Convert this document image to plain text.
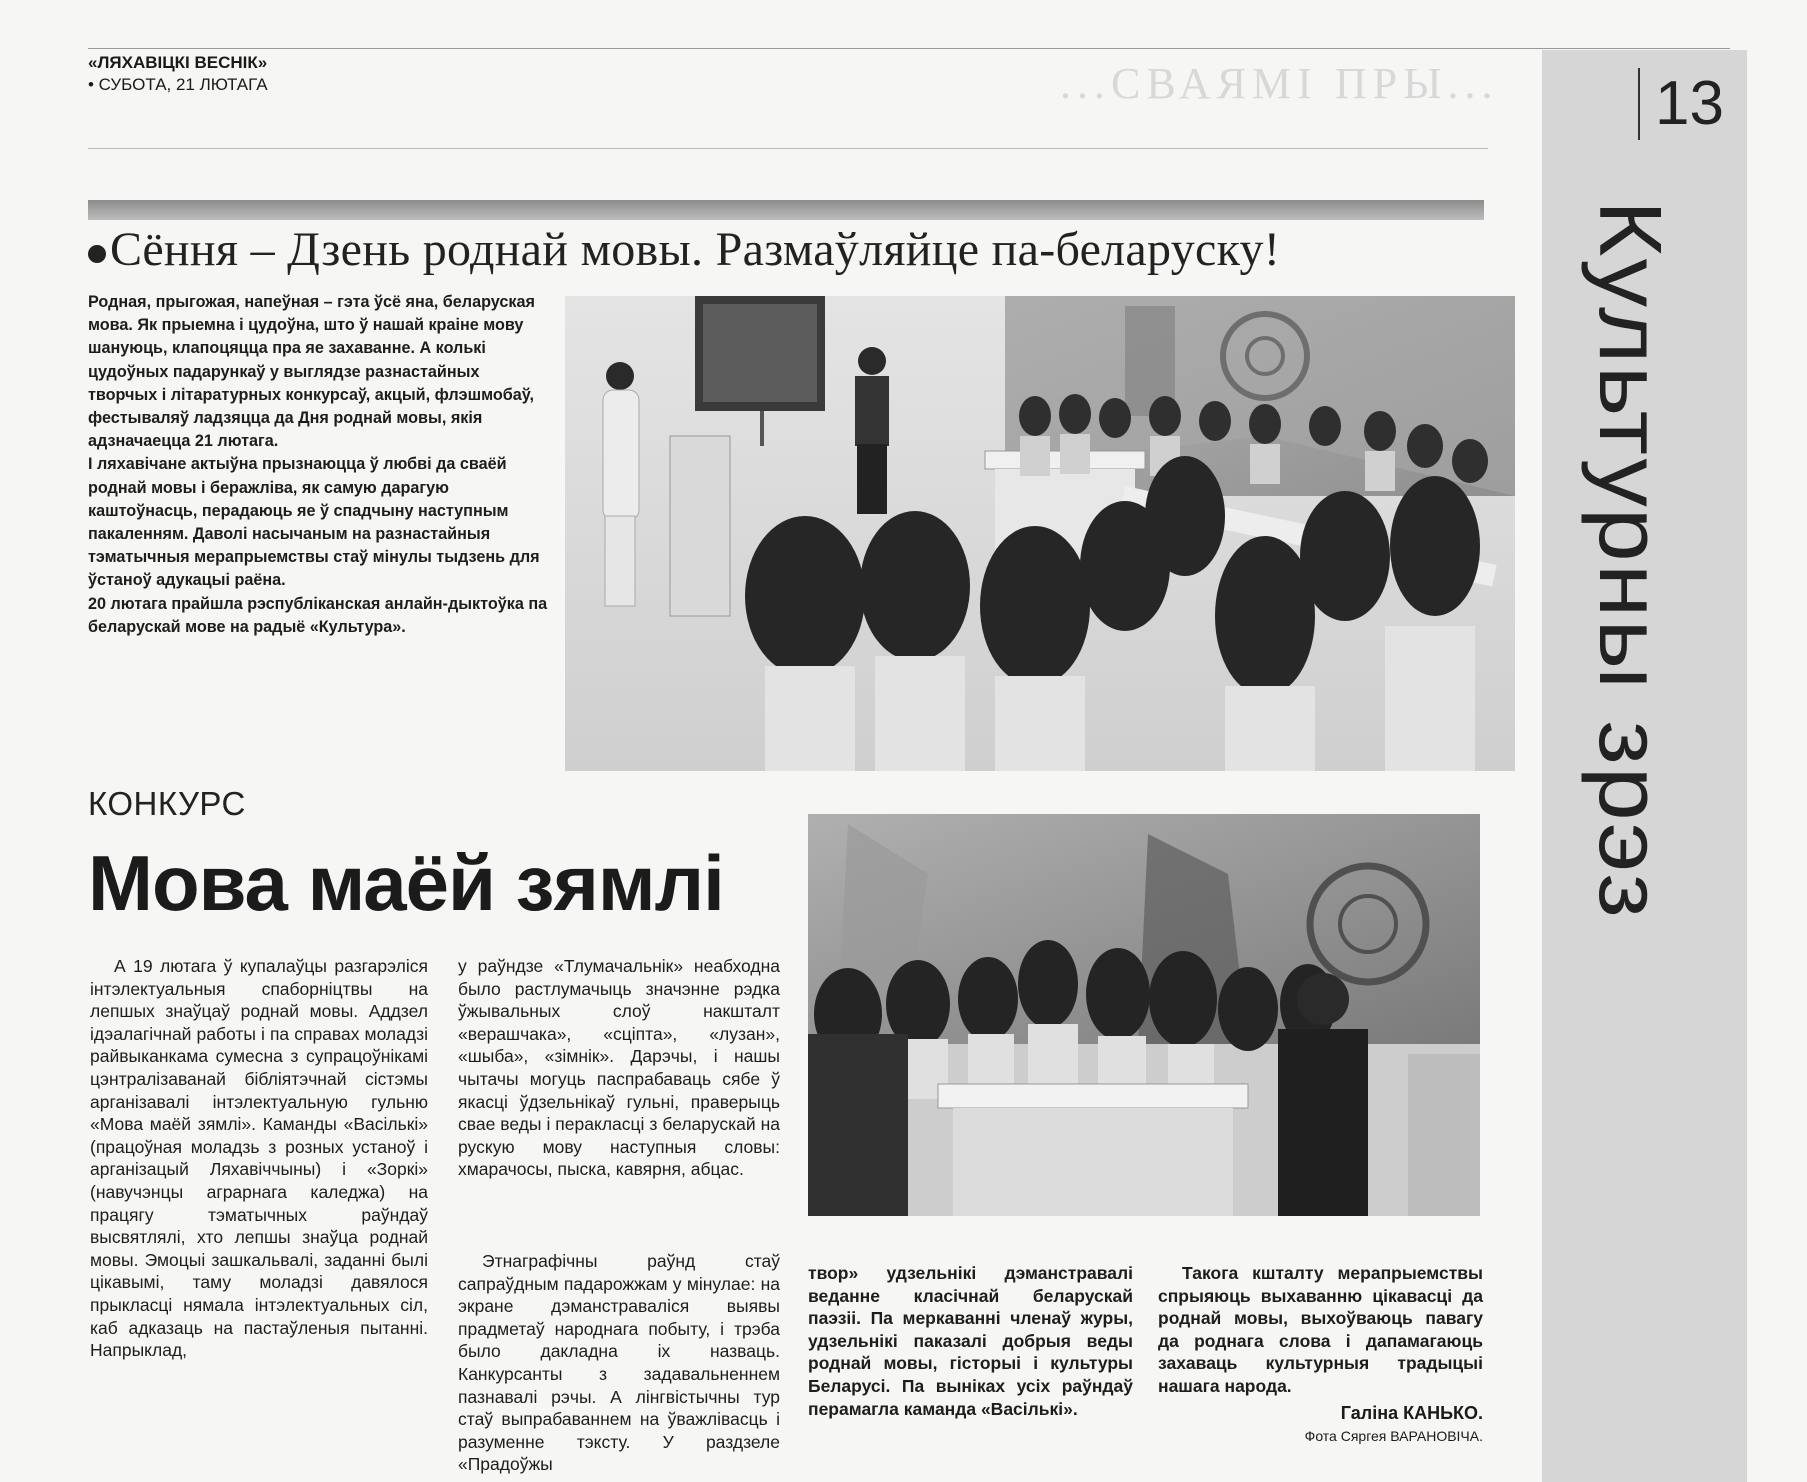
...СВАЯМІ ПРЫ...
«ЛЯХАВІЦКІ ВЕСНІК»
• СУБОТА, 21 ЛЮТАГА	13
Культурны зрэз
Сёння – Дзень роднай мовы. Размаўляйце па-беларуску!

Родная, прыгожая, напеўная – гэта ўсё яна, беларуская мова. Як прыемна і цудоўна, што ў нашай краіне мову шануюць, клапоцяцца пра яе захаванне. А колькі цудоўных падарункаў у выглядзе разнастайных творчых і літаратурных конкурсаў, акцый, флэшмобаў, фестываляў ладзяцца да Дня роднай мовы, якія адзначаецца 21 лютага.

І ляхавічане актыўна прызнаюцца ў любві да сваёй роднай мовы і беражліва, як самую дарагую каштоўнасць, перадаюць яе ў спадчыну наступным пакаленням. Даволі насычаным на разнастайныя тэматычныя мерапрыемствы стаў мінулы тыдзень для ўстаноў адукацыі раёна.

20 лютага прайшла рэспубліканская анлайн-дыктоўка па беларускай мове на радыё «Культура».

КОНКУРС
Мова маёй зямлі

А 19 лютага ў купалаўцы разгарэліся інтэлектуальныя спаборніцтвы на лепшых знаўцаў роднай мовы. Аддзел ідэалагічнай работы і па справах моладзі райвыканкама сумесна з супрацоўнікамі цэнтралізаванай бібліятэчнай сістэмы арганізавалі інтэлектуальную гульню «Мова маёй зямлі». Каманды «Васількі» (працоўная моладзь з розных устаноў і арганізацый Ляхавіччыны) і «Зоркі» (навучэнцы аграрнага каледжа) на працягу тэматычных раўндаў высвятлялі, хто лепшы знаўца роднай мовы. Эмоцыі зашкальвалі, заданні былі цікавымі, таму моладзі давялося прыкласці нямала інтэлектуальных сіл, каб адказаць на пастаўленыя пытанні. Напрыклад,

у раўндзе «Тлумачальнік» неабходна было растлумачыць значэнне рэдка ўжывальных слоў накшталт «верашчака», «сціпта», «лузан», «шыба», «зімнік». Дарэчы, і нашы чытачы могуць паспрабаваць сябе ў якасці ўдзельнікаў гульні, праверыць свае веды і перакласці з беларускай на рускую мову наступныя словы: хмарачосы, пыска, кавярня, абцас.

Этнаграфічны раўнд стаў сапраўдным падарожжам у мінулае: на экране дэманстраваліся выявы прадметаў народнага побыту, і трэба было дакладна іх назваць. Канкурсанты з задавальненнем пазнавалі рэчы. А лінгвістычны тур стаў выпрабаваннем на ўважлівасць і разуменне тэксту. У раздзеле «Прадоўжы

твор» удзельнікі дэманстравалі веданне класічнай беларускай паэзіі. Па меркаванні членаў журы, удзельнікі паказалі добрыя веды роднай мовы, гісторыі і культуры Беларусі. Па выніках усіх раўндаў перамагла каманда «Васількі».

Такога кшталту мерапрыемствы спрыяюць выхаванню цікавасці да роднай мовы, выхоўваюць павагу да роднага слова і дапамагаюць захаваць культурныя традыцыі нашага народа.

Галіна КАНЬКО.
Фота Сяргея ВАРАНОВІЧА.
